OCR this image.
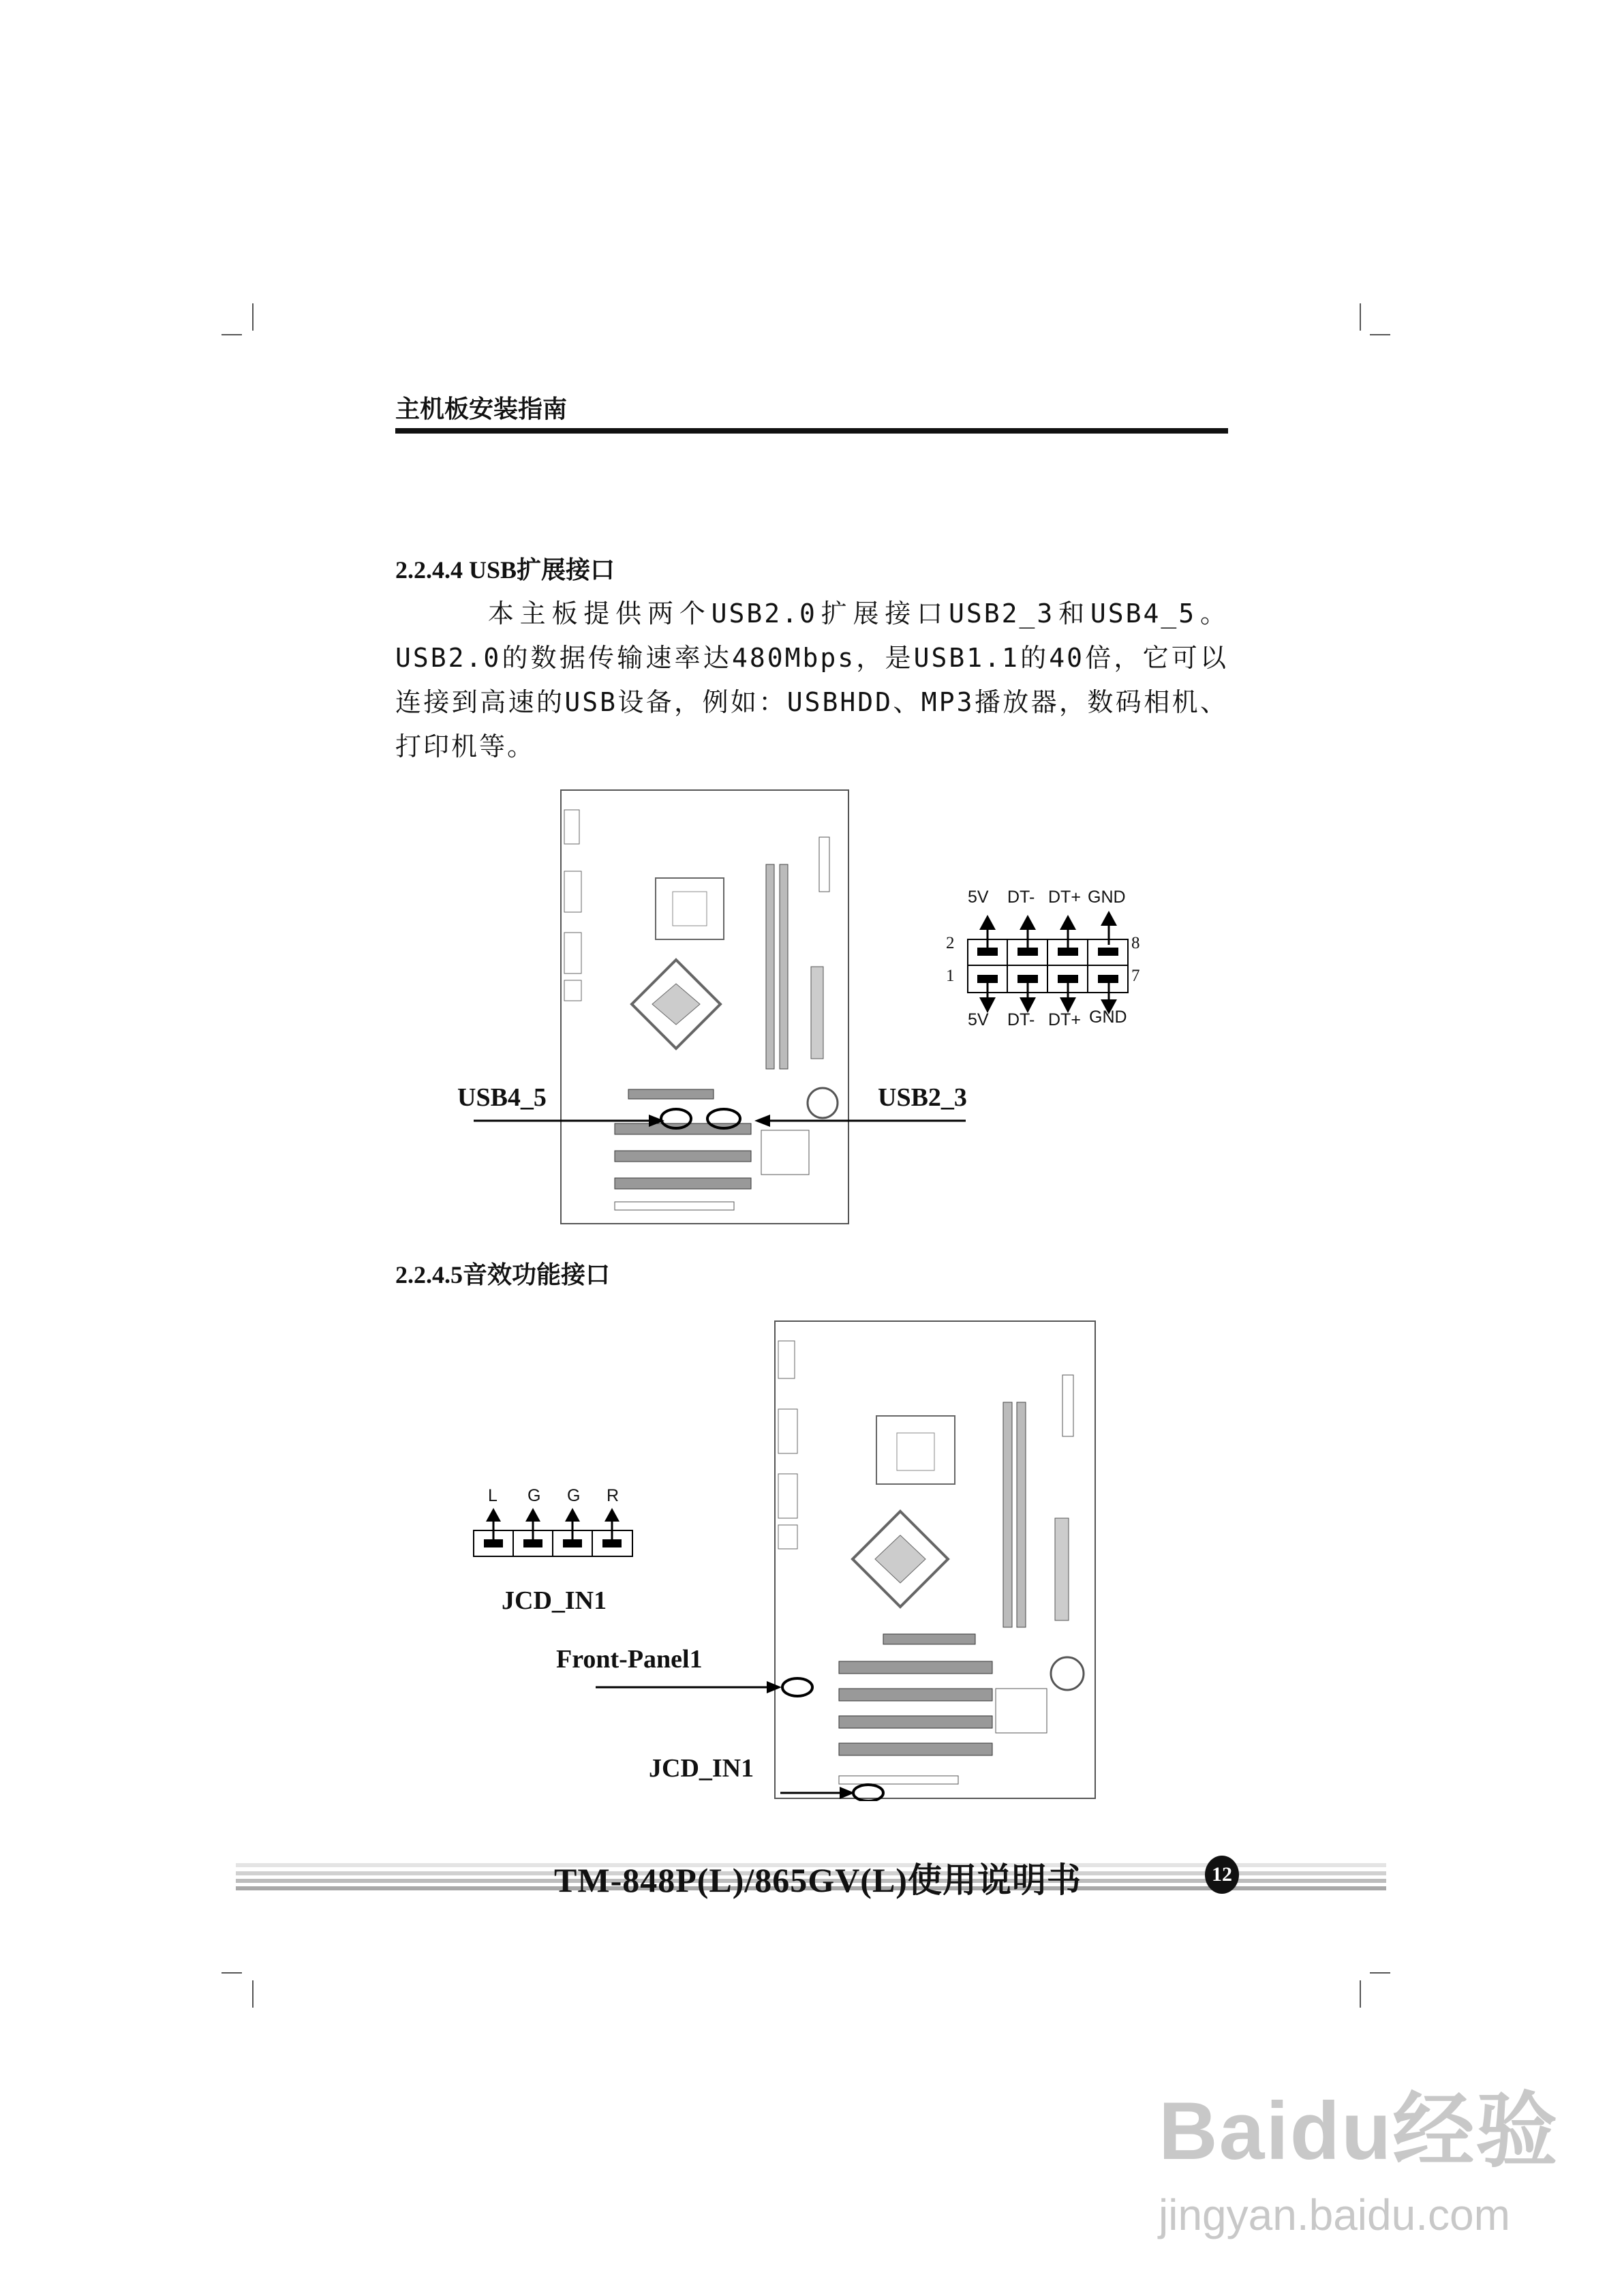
主机板安装指南
2.2.4.4 USB扩展接口
本主板提供两个USB2.0扩展接口USB2_3和USB4_5。USB2.0的数据传输速率达480Mbps，是USB1.1的40倍，它可以连接到高速的USB设备，例如：USBHDD、MP3播放器，数码相机、打印机等。
5V DT- DT+ GND
5V DT- DT+ GND
2
1
8
7
USB4_5	USB2_3
2.2.4.5音效功能接口
L G G R
JCD_IN1
Front-Panel1
JCD_IN1
TM-848P(L)/865GV(L)使用说明书	12
Baidu经验
jingyan.baidu.com
